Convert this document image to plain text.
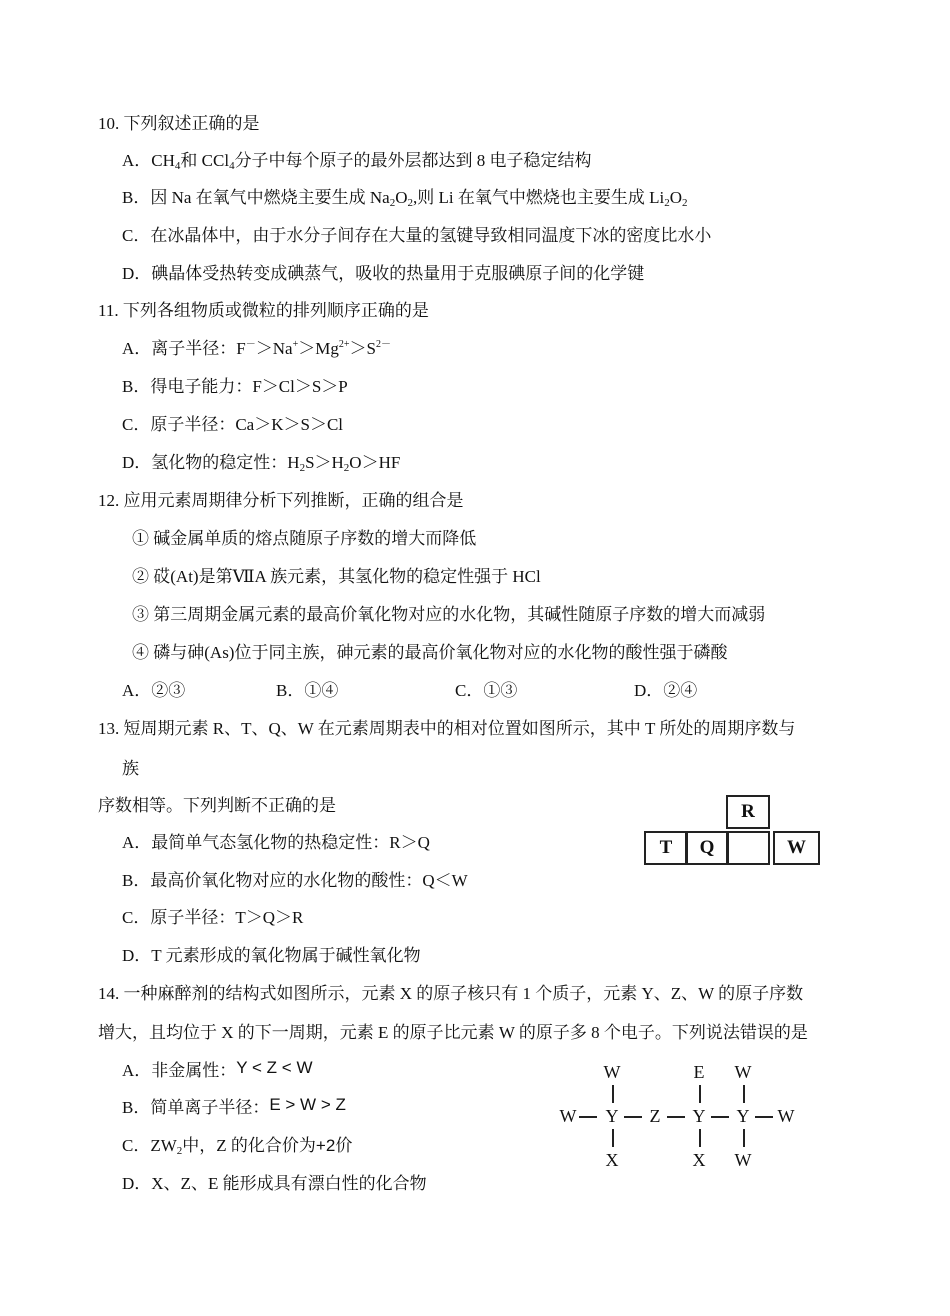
10. 下列叙述正确的是
A．$CH_4$和 CCl$_4$分子中每个原子的最外层都达到 8 电子稳定结构
B．因 Na 在氧气中燃烧主要生成 $Na_2O_2$,则 Li 在氧气中燃烧也主要生成 $Li_2O_2$
C．在冰晶体中，由于水分子间存在大量的氢键导致相同温度下冰的密度比水小
D．碘晶体受热转变成碘蒸气，吸收的热量用于克服碘原子间的化学键
11. 下列各组物质或微粒的排列顺序正确的是
A．离子半径：$F^->Na^+>Mg^{2+}>S^{2-}$
B．得电子能力：F＞Cl＞S＞P
C．原子半径：Ca＞K＞S＞Cl
D．氢化物的稳定性：$H_2S>H_2O>HF$
12. 应用元素周期律分析下列推断，正确的组合是
① 碱金属单质的熔点随原子序数的增大而降低
② 砹(At)是第ⅦA 族元素，其氢化物的稳定性强于 HCl
③ 第三周期金属元素的最高价氧化物对应的水化物，其碱性随原子序数的增大而减弱
④ 磷与砷(As)位于同主族，砷元素的最高价氧化物对应的水化物的酸性强于磷酸
A．②③	B．①④	C．①③	D．②④
13. 短周期元素 R、T、Q、W 在元素周期表中的相对位置如图所示，其中 T 所处的周期序数与
族
序数相等。下列判断不正确的是
A．最简单气态氢化物的热稳定性：R＞Q
B．最高价氧化物对应的水化物的酸性：Q＜W
C．原子半径：T＞Q＞R
D．T 元素形成的氧化物属于碱性氧化物
R
T	Q	W
14. 一种麻醉剂的结构式如图所示，元素 X 的原子核只有 1 个质子，元素 Y、Z、W 的原子序数
增大，且均位于 X 的下一周期，元素 E 的原子比元素 W 的原子多 8 个电子。下列说法错误的是
A．非金属性：Y < Z < W
B．简单离子半径：E > W > Z
C．$ZW_2$中，Z 的化合价为+2价
D．X、Z、E 能形成具有漂白性的化合物
W	E W
W Y Z Y Y W
X	X W
